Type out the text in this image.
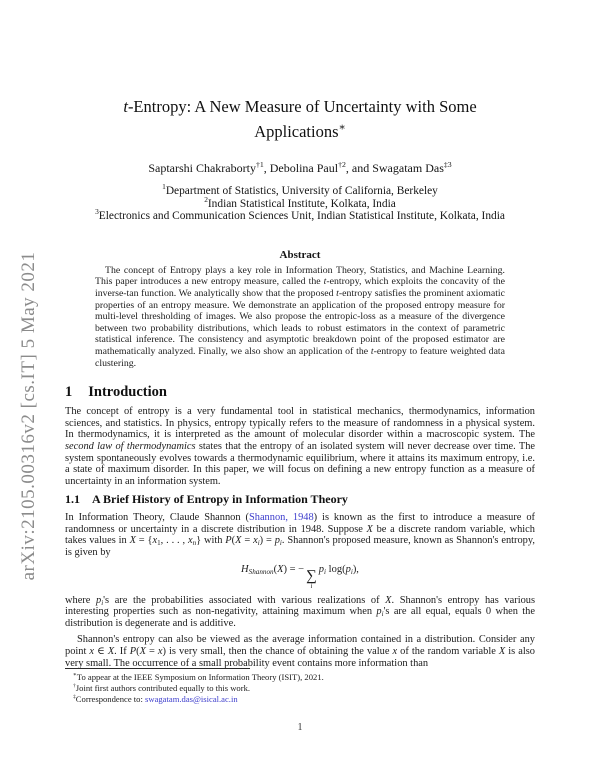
arXiv:2105.00316v2 [cs.IT] 5 May 2021
t-Entropy: A New Measure of Uncertainty with Some
Applications∗
Saptarshi Chakraborty$^{\dagger 1}$, Debolina Paul$^{\dagger 2}$, and Swagatam Das$^{\ddagger 3}$
$^1$Department of Statistics, University of California, Berkeley
$^2$Indian Statistical Institute, Kolkata, India
$^3$Electronics and Communication Sciences Unit, Indian Statistical Institute, Kolkata, India
Abstract
The concept of Entropy plays a key role in Information Theory, Statistics, and Machine Learning. This paper introduces a new entropy measure, called the t-entropy, which exploits the concavity of the inverse-tan function. We analytically show that the proposed t-entropy satisfies the prominent axiomatic properties of an entropy measure. We demonstrate an application of the proposed entropy measure for multi-level thresholding of images. We also propose the entropic-loss as a measure of the divergence between two probability distributions, which leads to robust estimators in the context of parametric statistical inference. The consistency and asymptotic breakdown point of the proposed estimator are mathematically analyzed. Finally, we also show an application of the t-entropy to feature weighted data clustering.
1 Introduction
The concept of entropy is a very fundamental tool in statistical mechanics, thermodynamics, information sciences, and statistics. In physics, entropy typically refers to the measure of randomness in a physical system. In thermodynamics, it is interpreted as the amount of molecular disorder within a macroscopic system. The second law of thermodynamics states that the entropy of an isolated system will never decrease over time. The system spontaneously evolves towards a thermodynamic equilibrium, where it attains its maximum entropy, i.e. a state of maximum disorder. In this paper, we will focus on defining a new entropy function as a measure of uncertainty in an information system.
1.1 A Brief History of Entropy in Information Theory
In Information Theory, Claude Shannon (Shannon, 1948) is known as the first to introduce a measure of randomness or uncertainty in a discrete distribution in 1948. Suppose X be a discrete random variable, which takes values in X = {x1, . . . , xn} with P(X = xi) = pi. Shannon's proposed measure, known as Shannon's entropy, is given by
HShannon(X) = − ∑
i
pi log(pi),
where pi's are the probabilities associated with various realizations of X. Shannon's entropy has various interesting properties such as non-negativity, attaining maximum when pi's are all equal, equals 0 when the distribution is degenerate and is additive.
Shannon's entropy can also be viewed as the average information contained in a distribution. Consider any point x ∈ X. If P(X = x) is very small, then the chance of obtaining the value x of the random variable X is also very small. The occurrence of a small probability event contains more information than
∗To appear at the IEEE Symposium on Information Theory (ISIT), 2021.
†Joint first authors contributed equally to this work.
‡Correspondence to: swagatam.das@isical.ac.in
1
